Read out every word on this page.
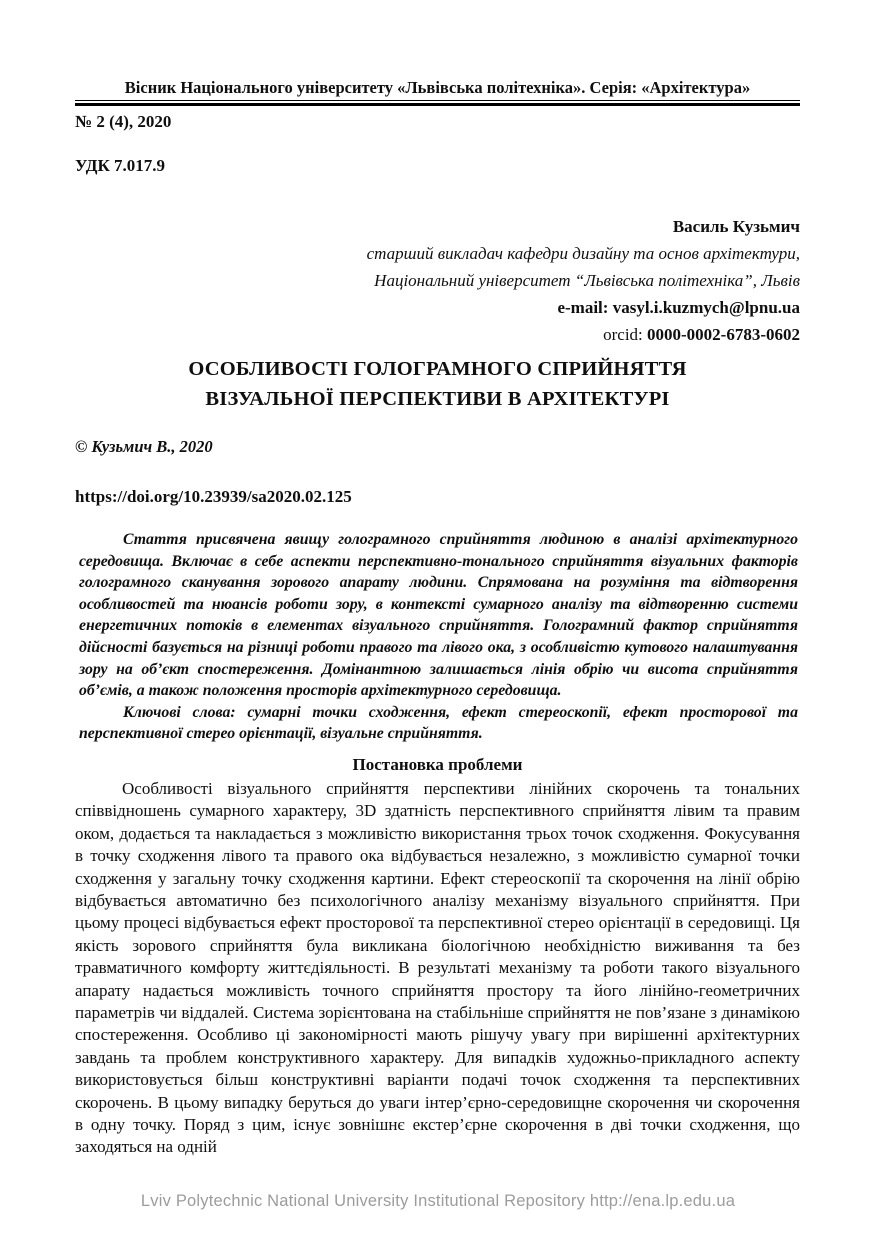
Вісник Національного університету «Львівська політехніка». Серія: «Архітектура»
№ 2 (4), 2020
УДК 7.017.9
Василь Кузьмич
старший викладач кафедри дизайну та основ архітектури,
Національний університет “Львівська політехніка”, Львів
e-mail: vasyl.i.kuzmych@lpnu.ua
orcid: 0000-0002-6783-0602
ОСОБЛИВОСТІ ГОЛОГРАМНОГО СПРИЙНЯТТЯ
ВІЗУАЛЬНОЇ ПЕРСПЕКТИВИ В АРХІТЕКТУРІ
© Кузьмич В., 2020
https://doi.org/10.23939/sa2020.02.125

Стаття присвячена явищу голограмного сприйняття людиною в аналізі архітектурного середовища. Включає в себе аспекти перспективно-тонального сприйняття візуальних факторів голограмного сканування зорового апарату людини. Спрямована на розуміння та відтворення особливостей та нюансів роботи зору, в контексті сумарного аналізу та відтворенню системи енергетичних потоків в елементах візуального сприйняття. Голограмний фактор сприйняття дійсності базується на різниці роботи правого та лівого ока, з особливістю кутового налаштування зору на об’єкт спостереження. Домінантною залишається лінія обрію чи висота сприйняття об’ємів, а також положення просторів архітектурного середовища.

Ключові слова: сумарні точки сходження, ефект стереоскопії, ефект просторової та перспективної стерео орієнтації, візуальне сприйняття.

Постановка проблеми

Особливості візуального сприйняття перспективи лінійних скорочень та тональних співвідношень сумарного характеру, 3D здатність перспективного сприйняття лівим та правим оком, додається та накладається з можливістю використання трьох точок сходження. Фокусування в точку сходження лівого та правого ока відбувається незалежно, з можливістю сумарної точки сходження у загальну точку сходження картини. Ефект стереоскопії та скорочення на лінії обрію відбувається автоматично без психологічного аналізу механізму візуального сприйняття. При цьому процесі відбувається ефект просторової та перспективної стерео орієнтації в середовищі. Ця якість зорового сприйняття була викликана біологічною необхідністю виживання та без травматичного комфорту життєдіяльності. В результаті механізму та роботи такого візуального апарату надається можливість точного сприйняття простору та його лінійно-геометричних параметрів чи віддалей. Система зорієнтована на стабільніше сприйняття не пов’язане з динамікою спостереження. Особливо ці закономірності мають рішучу увагу при вирішенні архітектурних завдань та проблем конструктивного характеру. Для випадків художньо-прикладного аспекту використовується більш конструктивні варіанти подачі точок сходження та перспективних скорочень. В цьому випадку беруться до уваги інтер’єрно-середовищне скорочення чи скорочення в одну точку. Поряд з цим, існує зовнішнє екстер’єрне скорочення в дві точки сходження, що заходяться на одній

Lviv Polytechnic National University Institutional Repository http://ena.lp.edu.ua
